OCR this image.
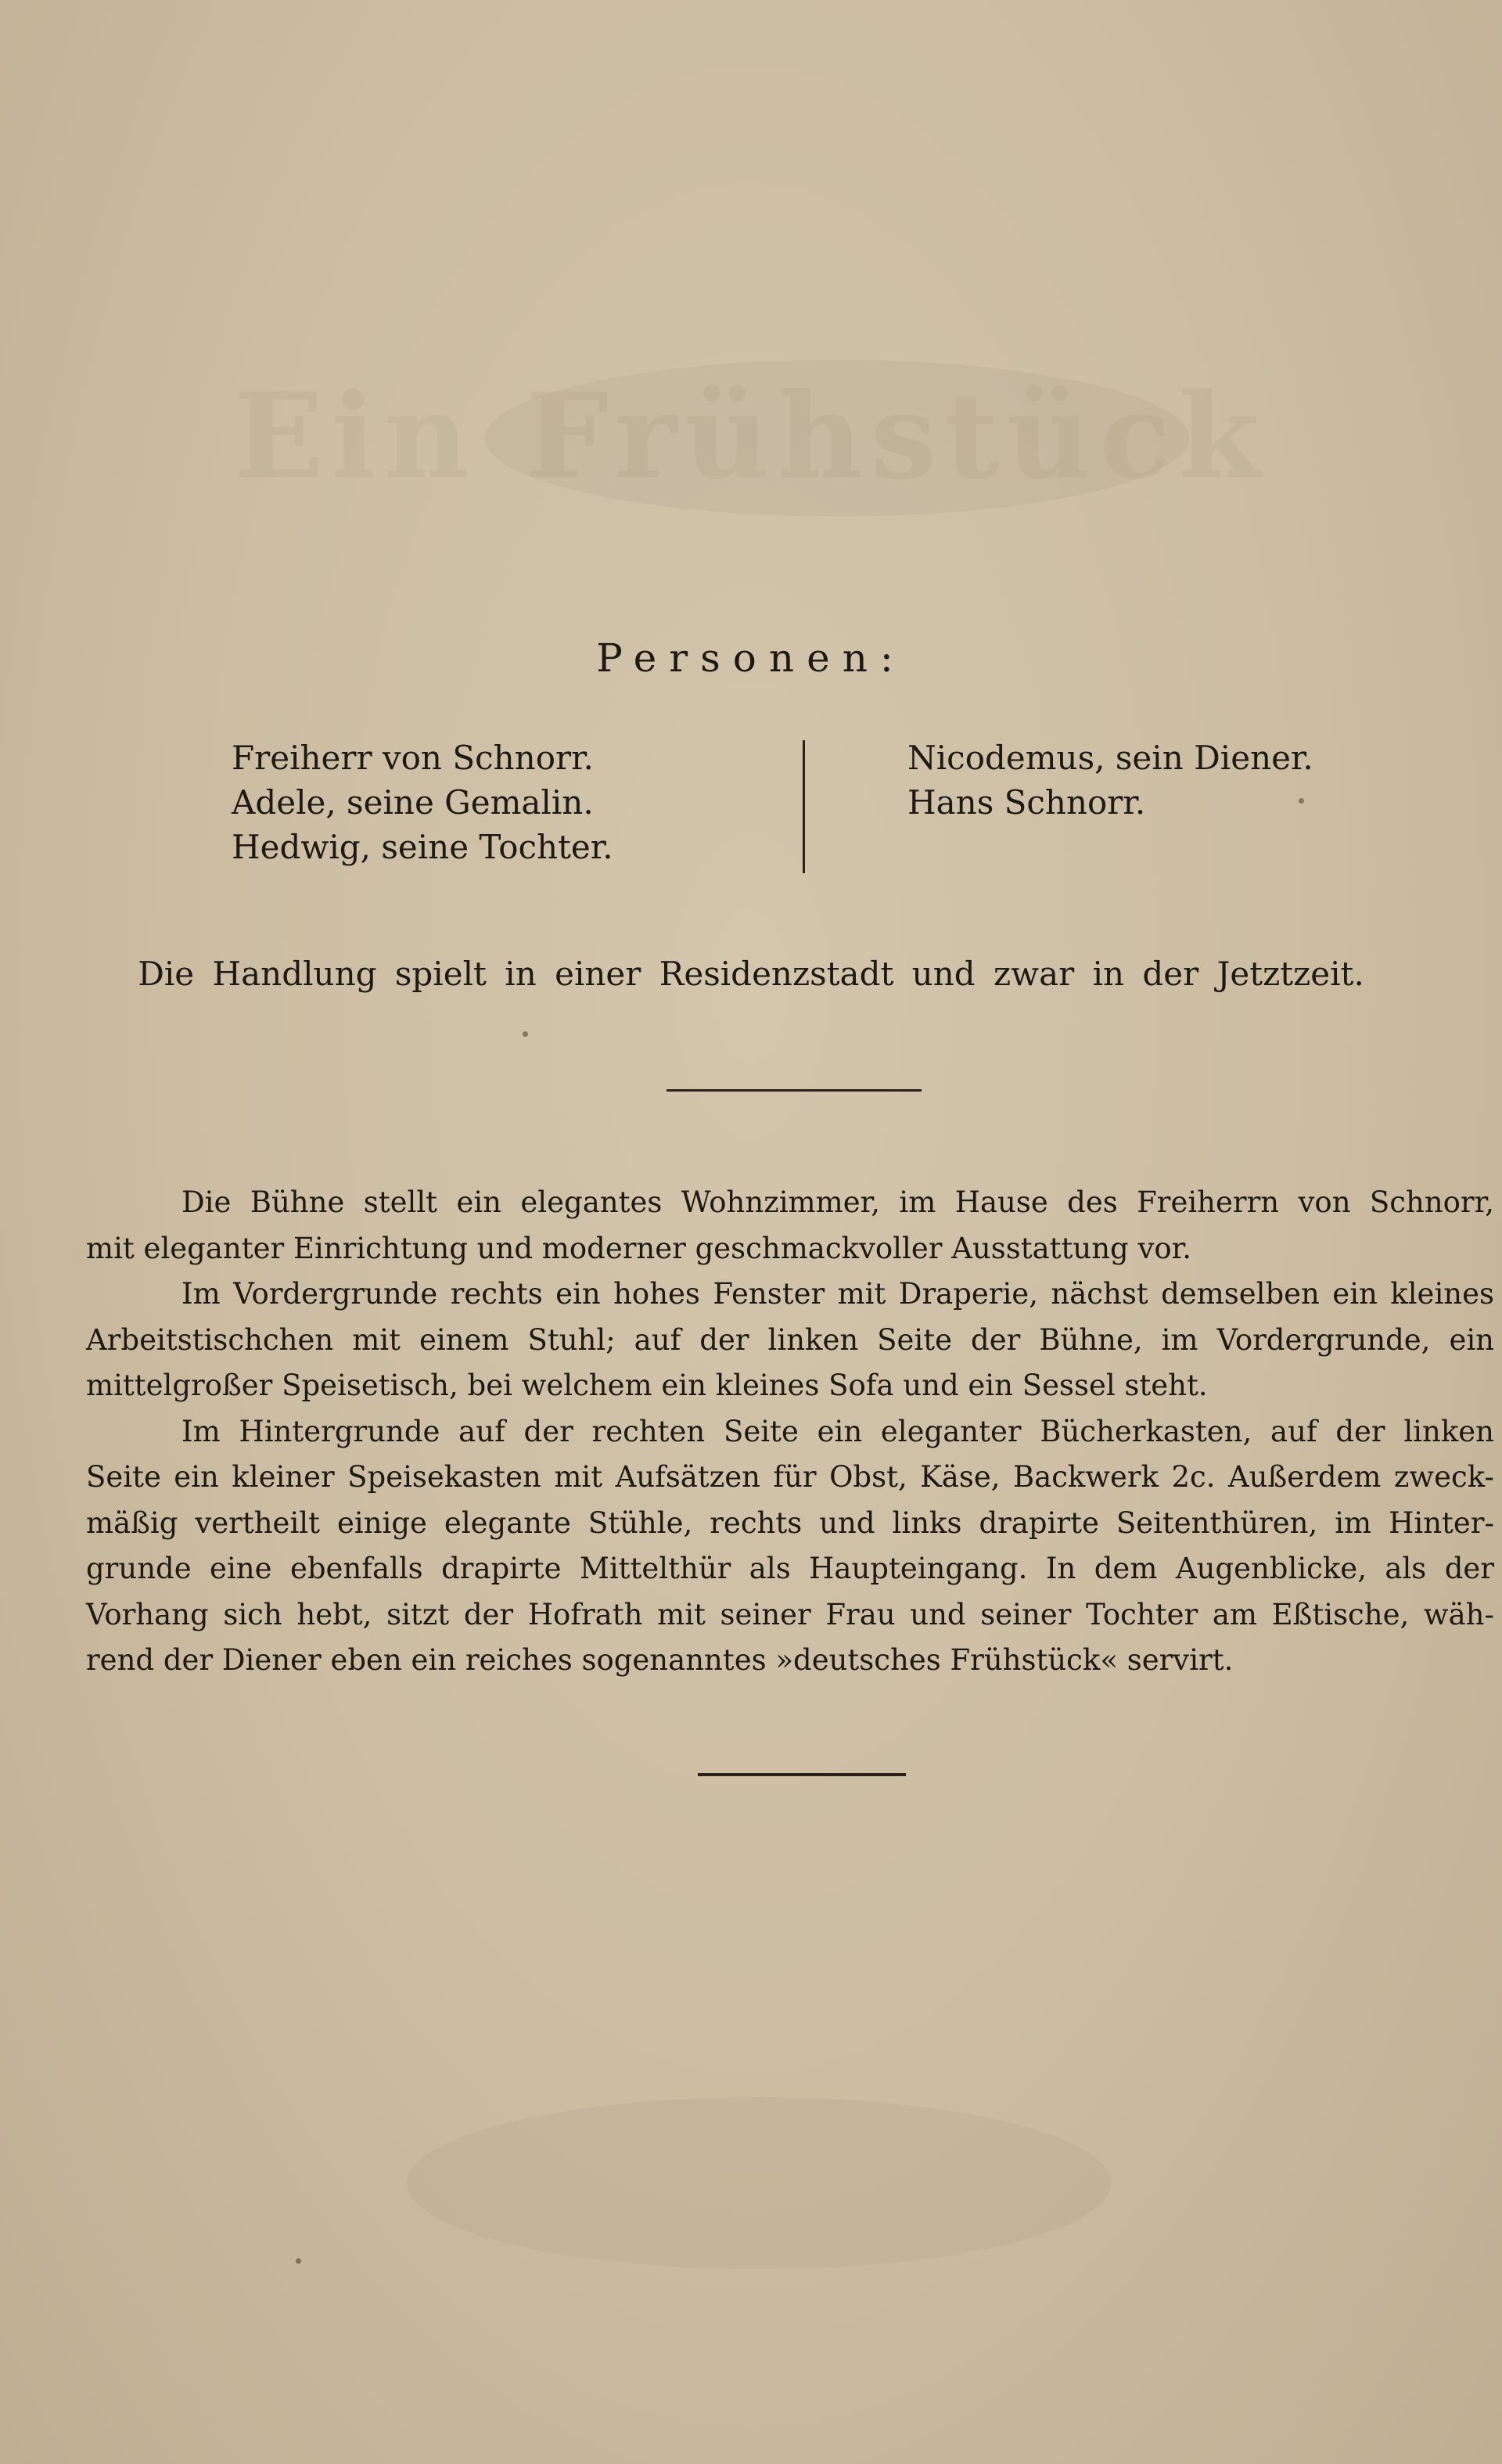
Ein Frühstück
Personen:
Freiherr von Schnorr.
Adele, seine Gemalin.
Hedwig, seine Tochter.
Nicodemus, sein Diener.
Hans Schnorr.
Die Handlung spielt in einer Residenzstadt und zwar in der Jetztzeit.
Die Bühne stellt ein elegantes Wohnzimmer, im Hause des Freiherrn von Schnorr,
mit eleganter Einrichtung und moderner geschmackvoller Ausstattung vor.
Im Vordergrunde rechts ein hohes Fenster mit Draperie, nächst demselben ein kleines
Arbeitstischchen mit einem Stuhl; auf der linken Seite der Bühne, im Vordergrunde, ein
mittelgroßer Speisetisch, bei welchem ein kleines Sofa und ein Sessel steht.
Im Hintergrunde auf der rechten Seite ein eleganter Bücherkasten, auf der linken
Seite ein kleiner Speisekasten mit Aufsätzen für Obst, Käse, Backwerk 2c. Außerdem zweck-
mäßig vertheilt einige elegante Stühle, rechts und links drapirte Seitenthüren, im Hinter-
grunde eine ebenfalls drapirte Mittelthür als Haupteingang. In dem Augenblicke, als der
Vorhang sich hebt, sitzt der Hofrath mit seiner Frau und seiner Tochter am Eßtische, wäh-
rend der Diener eben ein reiches sogenanntes »deutsches Frühstück« servirt.
